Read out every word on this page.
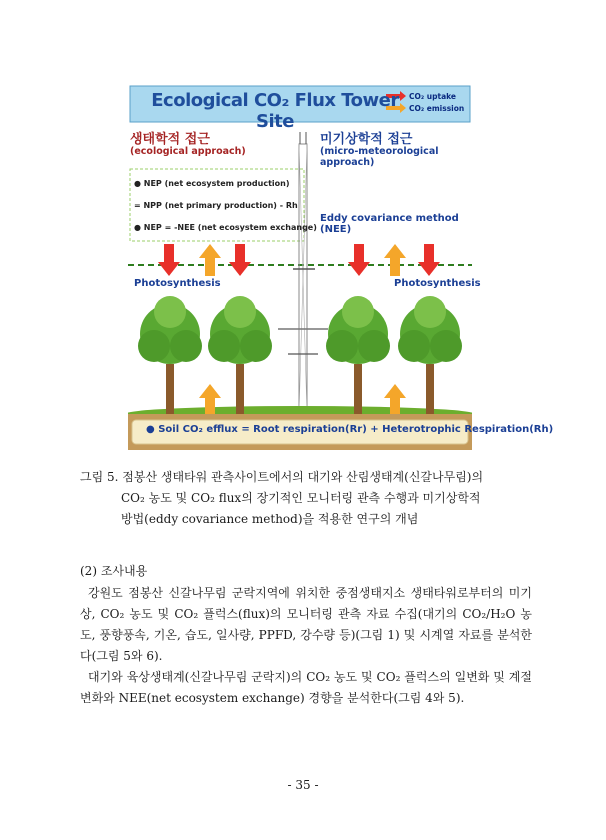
Ecological CO₂ Flux Tower Site
CO₂ uptake
CO₂ emission
생태학적 접근
(ecological approach)
미기상학적 접근
(micro-meteorological approach)
● NEP (net ecosystem production)
= NPP (net primary production) - Rh
● NEP = -NEE (net ecosystem exchange)
Eddy covariance method (NEE)
Photosynthesis	Photosynthesis
● Soil CO₂ efflux = Root respiration(Rr) + Heterotrophic Respiration(Rh)
그림 5. 점봉산 생태타워 관측사이트에서의 대기와 산림생태계(신갈나무림)의
CO₂ 농도 및 CO₂ flux의 장기적인 모니터링 관측 수행과 미기상학적
방법(eddy covariance method)을 적용한 연구의 개념
(2) 조사내용
강원도 점봉산 신갈나무림 군락지역에 위치한 중점생태지소 생태타워로부터의 미기상, CO₂ 농도 및 CO₂ 플럭스(flux)의 모니터링 관측 자료 수집(대기의 CO₂/H₂O 농도, 풍향풍속, 기온, 습도, 일사량, PPFD, 강수량 등)(그림 1) 및 시계열 자료를 분석한다(그림 5와 6).
대기와 육상생태계(신갈나무림 군락지)의 CO₂ 농도 및 CO₂ 플럭스의 일변화 및 계절변화와 NEE(net ecosystem exchange) 경향을 분석한다(그림 4와 5).
- 35 -
